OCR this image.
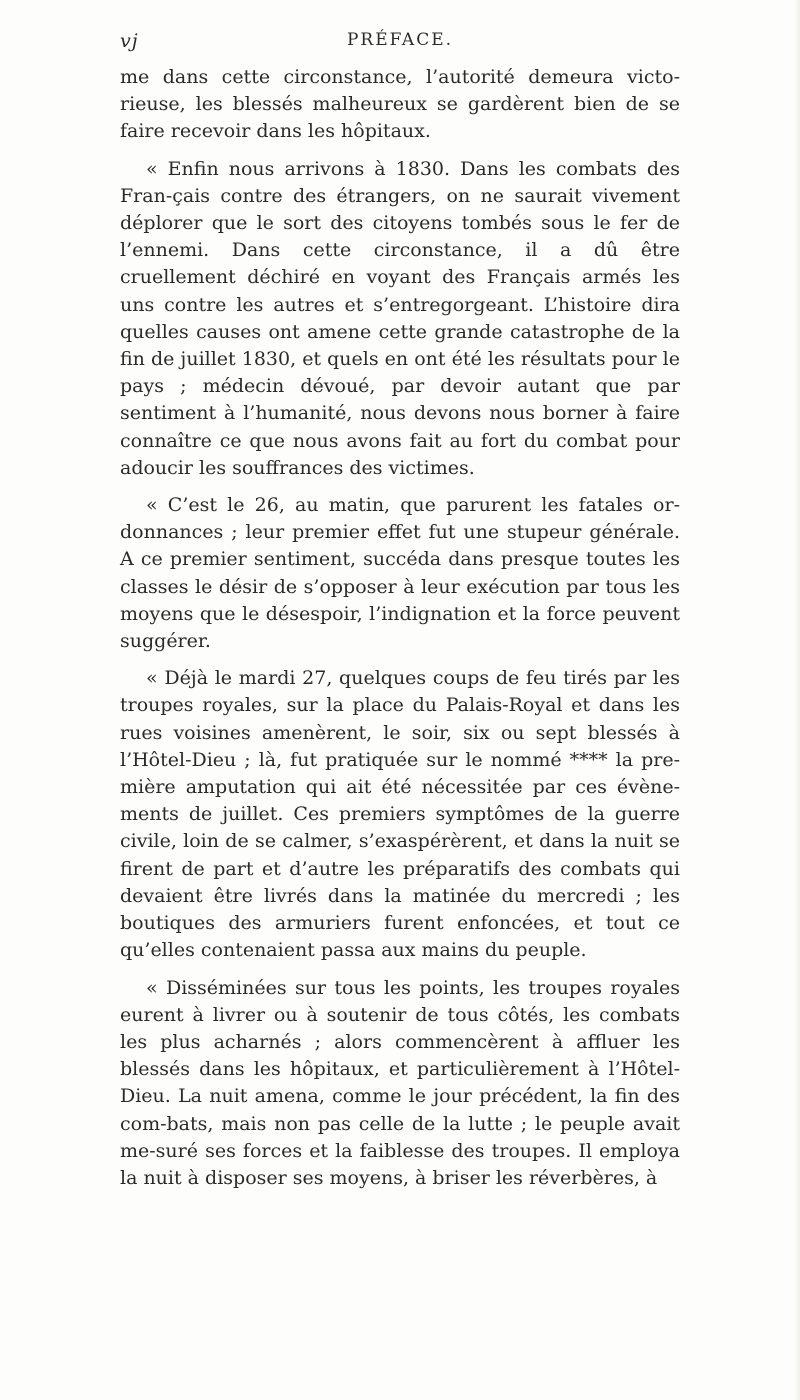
vj	PRÉFACE.

me dans cette circonstance, l’autorité demeura victo-rieuse, les blessés malheureux se gardèrent bien de se faire recevoir dans les hôpitaux.

« Enfin nous arrivons à 1830. Dans les combats des Fran-çais contre des étrangers, on ne saurait vivement déplorer que le sort des citoyens tombés sous le fer de l’ennemi. Dans cette circonstance, il a dû être cruellement déchiré en voyant des Français armés les uns contre les autres et s’entregorgeant. L’histoire dira quelles causes ont amene cette grande catastrophe de la fin de juillet 1830, et quels en ont été les résultats pour le pays ; médecin dévoué, par devoir autant que par sentiment à l’humanité, nous devons nous borner à faire connaître ce que nous avons fait au fort du combat pour adoucir les souffrances des victimes.

« C’est le 26, au matin, que parurent les fatales or-donnances ; leur premier effet fut une stupeur générale. A ce premier sentiment, succéda dans presque toutes les classes le désir de s’opposer à leur exécution par tous les moyens que le désespoir, l’indignation et la force peuvent suggérer.

« Déjà le mardi 27, quelques coups de feu tirés par les troupes royales, sur la place du Palais-Royal et dans les rues voisines amenèrent, le soir, six ou sept blessés à l’Hôtel-Dieu ; là, fut pratiquée sur le nommé **** la pre-mière amputation qui ait été nécessitée par ces évène-ments de juillet. Ces premiers symptômes de la guerre civile, loin de se calmer, s’exaspérèrent, et dans la nuit se firent de part et d’autre les préparatifs des combats qui devaient être livrés dans la matinée du mercredi ; les boutiques des armuriers furent enfoncées, et tout ce qu’elles contenaient passa aux mains du peuple.

« Disséminées sur tous les points, les troupes royales eurent à livrer ou à soutenir de tous côtés, les combats les plus acharnés ; alors commencèrent à affluer les blessés dans les hôpitaux, et particulièrement à l’Hôtel-Dieu. La nuit amena, comme le jour précédent, la fin des com-bats, mais non pas celle de la lutte ; le peuple avait me-suré ses forces et la faiblesse des troupes. Il employa la nuit à disposer ses moyens, à briser les réverbères, à
